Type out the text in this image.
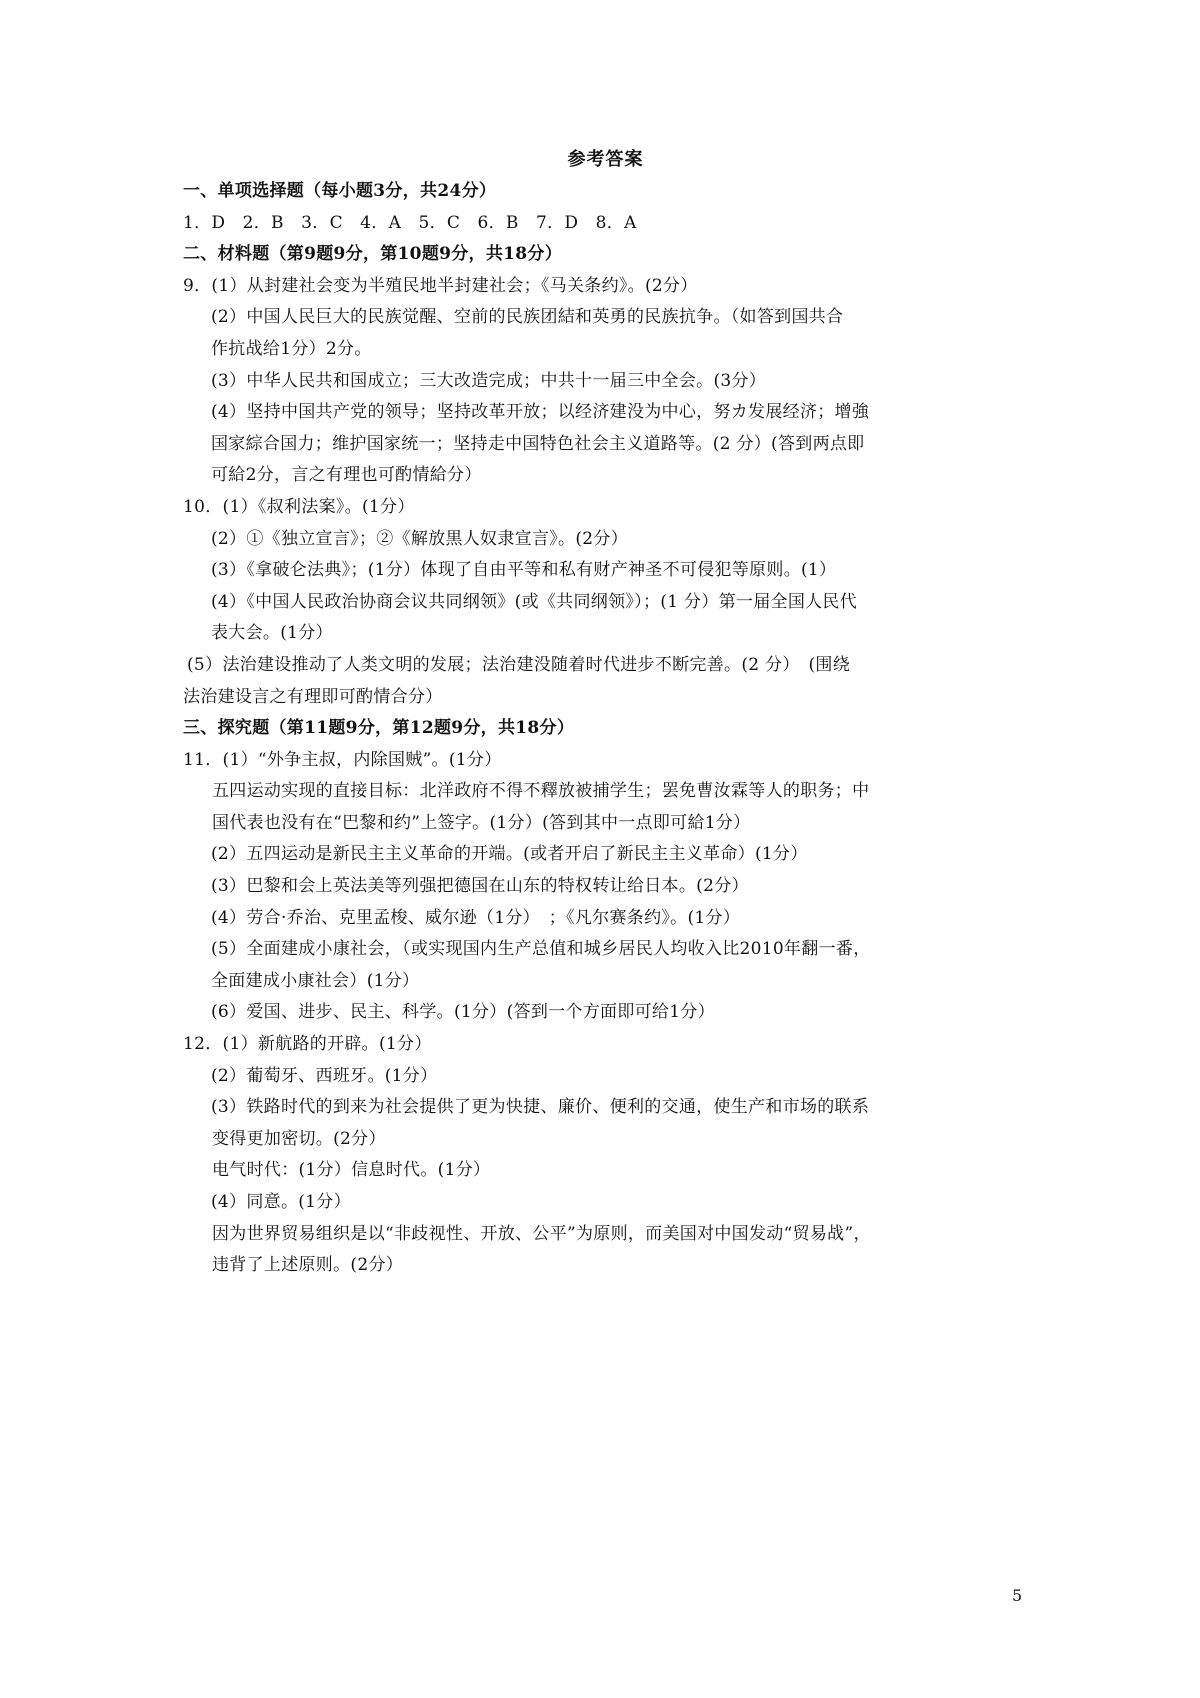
参考答案
一、单项选择题（每小题3分，共24分）
1．D　2．B　3．C　4．A　5．C　6．B　7．D　8．A
二、材料题（第9题9分，第10题9分，共18分）
9．(1）从封建社会变为半殖民地半封建社会；《马关条约》。(2分）
(2）中国人民巨大的民族觉醒、空前的民族团結和英勇的民族抗争。（如答到国共合
作抗战给1分）2分。
(3）中华人民共和国成立；三大改造完成；中共十一届三中全会。(3分）
(4）坚持中国共产党的领导；坚持改革开放；以经济建没为中心，努カ发展经济；增強
国家綜合国力；维护国家统一；坚持走中国特色社会主义道路等。(2 分）(答到两点即
可給2分，言之有理也可酌情給分）
10．(1）《叔利法案》。(1分）
(2）①《独立宣言》；②《解放黒人奴隶宣言》。(2分）
(3）《拿破仑法典》；(1分）体现了自由平等和私有财产神圣不可侵犯等原则。(1）
(4）《中国人民政治协商会议共同纲领》(或《共同纲领》）；(1 分）第一届全国人民代
表大会。(1分）
(5）法治建设推动了人类文明的发展；法治建没随着时代进步不断完善。(2 分）　(围绕
法治建设言之有理即可酌情合分）
三、探究题（第11题9分，第12题9分，共18分）
11．(1）“外争主叔，内除国贼”。(1分）
五四运动实现的直接目标：北洋政府不得不釋放被捕学生；罢免曹汝霖等人的职务；中
国代表也没有在“巴黎和约”上签字。(1分）(答到其中一点即可給1分）
(2）五四运动是新民主主义革命的开端。(或者开启了新民主主义革命）(1分）
(3）巴黎和会上英法美等列强把德国在山东的特权转让给日本。(2分）
(4）劳合·乔治、克里孟梭、威尔逊（1分）　；《凡尔赛条约》。(1分）
(5）全面建成小康社会，（或实现国内生产总值和城乡居民人均收入比2010年翻一番，
全面建成小康社会）(1分）
(6）爱国、进步、民主、科学。(1分）(答到一个方面即可给1分）
12．(1）新航路的开辟。(1分）
(2）葡萄牙、西班牙。(1分）
(3）铁路时代的到来为社会提供了更为快捷、廉价、便利的交通，使生产和市场的联系
变得更加密切。(2分）
电气时代：(1分）信息时代。(1分）
(4）同意。(1分）
因为世界贸易组织是以“非歧视性、开放、公平”为原则，而美国对中国发动“贸易战”，
违背了上述原则。(2分）
5
